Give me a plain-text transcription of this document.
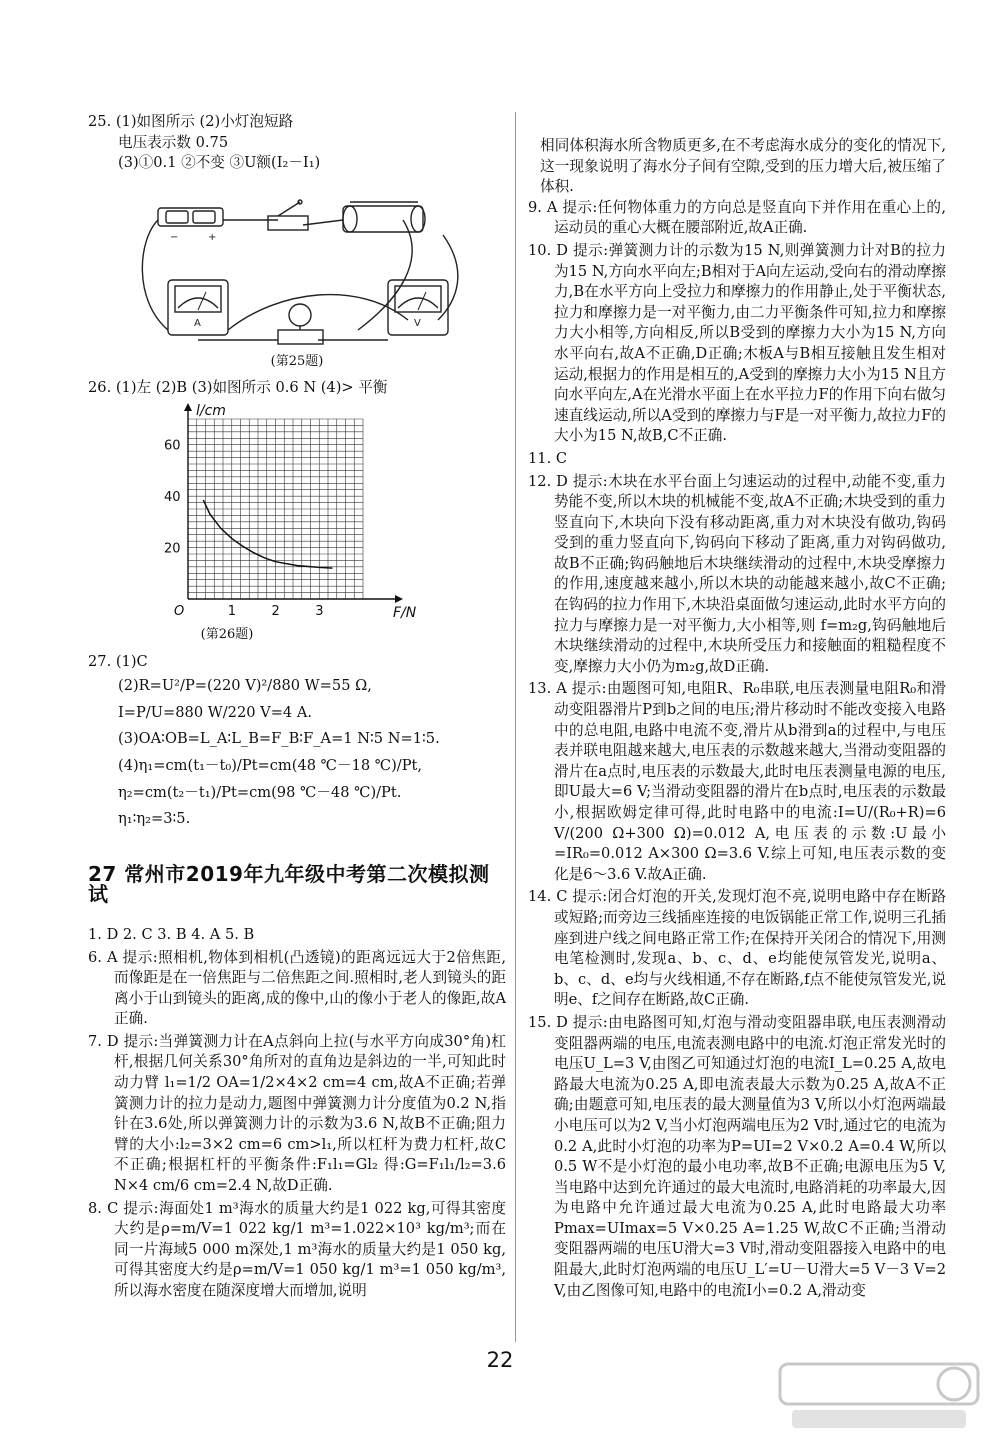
25. (1)如图所示 (2)小灯泡短路

电压表示数 0.75

(3)①0.1 ②不变 ③U额(I₂－I₁)

−	+
A	V

(第25题)

26. (1)左 (2)B (3)如图所示 0.6 N (4)> 平衡

1	2	3
20
40
60
O	F/N
l/cm

(第26题)

27. (1)C

(2)R=U²/P=(220 V)²/880 W=55 Ω,

I=P/U=880 W/220 V=4 A.

(3)OA∶OB=L_A∶L_B=F_B∶F_A=1 N∶5 N=1∶5.

(4)η₁=cm(t₁－t₀)/Pt=cm(48 ℃－18 ℃)/Pt,

η₂=cm(t₂－t₁)/Pt=cm(98 ℃－48 ℃)/Pt.

η₁∶η₂=3∶5.

27 常州市2019年九年级中考第二次模拟测试

1. D 2. C 3. B 4. A 5. B

6. A 提示:照相机,物体到相机(凸透镜)的距离远远大于2倍焦距,而像距是在一倍焦距与二倍焦距之间.照相时,老人到镜头的距离小于山到镜头的距离,成的像中,山的像小于老人的像距,故A正确.

7. D 提示:当弹簧测力计在A点斜向上拉(与水平方向成30°角)杠杆,根据几何关系30°角所对的直角边是斜边的一半,可知此时动力臂 l₁=1/2 OA=1/2×4×2 cm=4 cm,故A不正确;若弹簧测力计的拉力是动力,题图中弹簧测力计分度值为0.2 N,指针在3.6处,所以弹簧测力计的示数为3.6 N,故B不正确;阻力臂的大小:l₂=3×2 cm=6 cm>l₁,所以杠杆为费力杠杆,故C不正确;根据杠杆的平衡条件:F₁l₁=Gl₂ 得:G=F₁l₁/l₂=3.6 N×4 cm/6 cm=2.4 N,故D正确.

8. C 提示:海面处1 m³海水的质量大约是1 022 kg,可得其密度大约是ρ=m/V=1 022 kg/1 m³=1.022×10³ kg/m³;而在同一片海域5 000 m深处,1 m³海水的质量大约是1 050 kg,可得其密度大约是ρ=m/V=1 050 kg/1 m³=1 050 kg/m³,所以海水密度在随深度增大而增加,说明

相同体积海水所含物质更多,在不考虑海水成分的变化的情况下,这一现象说明了海水分子间有空隙,受到的压力增大后,被压缩了体积.

9. A 提示:任何物体重力的方向总是竖直向下并作用在重心上的,运动员的重心大概在腰部附近,故A正确.

10. D 提示:弹簧测力计的示数为15 N,则弹簧测力计对B的拉力为15 N,方向水平向左;B相对于A向左运动,受向右的滑动摩擦力,B在水平方向上受拉力和摩擦力的作用静止,处于平衡状态,拉力和摩擦力是一对平衡力,由二力平衡条件可知,拉力和摩擦力大小相等,方向相反,所以B受到的摩擦力大小为15 N,方向水平向右,故A不正确,D正确;木板A与B相互接触且发生相对运动,根据力的作用是相互的,A受到的摩擦力大小为15 N且方向水平向左,A在光滑水平面上在水平拉力F的作用下向右做匀速直线运动,所以A受到的摩擦力与F是一对平衡力,故拉力F的大小为15 N,故B,C不正确.

11. C

12. D 提示:木块在水平台面上匀速运动的过程中,动能不变,重力势能不变,所以木块的机械能不变,故A不正确;木块受到的重力竖直向下,木块向下没有移动距离,重力对木块没有做功,钩码受到的重力竖直向下,钩码向下移动了距离,重力对钩码做功,故B不正确;钩码触地后木块继续滑动的过程中,木块受摩擦力的作用,速度越来越小,所以木块的动能越来越小,故C不正确;在钩码的拉力作用下,木块沿桌面做匀速运动,此时水平方向的拉力与摩擦力是一对平衡力,大小相等,则 f=m₂g,钩码触地后木块继续滑动的过程中,木块所受压力和接触面的粗糙程度不变,摩擦力大小仍为m₂g,故D正确.

13. A 提示:由题图可知,电阻R、R₀串联,电压表测量电阻R₀和滑动变阻器滑片P到b之间的电压;滑片移动时不能改变接入电路中的总电阻,电路中电流不变,滑片从b滑到a的过程中,与电压表并联电阻越来越大,电压表的示数越来越大,当滑动变阻器的滑片在a点时,电压表的示数最大,此时电压表测量电源的电压,即U最大=6 V;当滑动变阻器的滑片在b点时,电压表的示数最小,根据欧姆定律可得,此时电路中的电流:I=U/(R₀+R)=6 V/(200 Ω+300 Ω)=0.012 A,电压表的示数:U最小=IR₀=0.012 A×300 Ω=3.6 V.综上可知,电压表示数的变化是6～3.6 V.故A正确.

14. C 提示:闭合灯泡的开关,发现灯泡不亮,说明电路中存在断路或短路;而旁边三线插座连接的电饭锅能正常工作,说明三孔插座到进户线之间电路正常工作;在保持开关闭合的情况下,用测电笔检测时,发现a、b、c、d、e均能使氖管发光,说明a、b、c、d、e均与火线相通,不存在断路,f点不能使氖管发光,说明e、f之间存在断路,故C正确.

15. D 提示:由电路图可知,灯泡与滑动变阻器串联,电压表测滑动变阻器两端的电压,电流表测电路中的电流.灯泡正常发光时的电压U_L=3 V,由图乙可知通过灯泡的电流I_L=0.25 A,故电路最大电流为0.25 A,即电流表最大示数为0.25 A,故A不正确;由题意可知,电压表的最大测量值为3 V,所以小灯泡两端最小电压可以为2 V,当小灯泡两端电压为2 V时,通过它的电流为0.2 A,此时小灯泡的功率为P=UI=2 V×0.2 A=0.4 W,所以0.5 W不是小灯泡的最小电功率,故B不正确;电源电压为5 V,当电路中达到允许通过的最大电流时,电路消耗的功率最大,因为电路中允许通过最大电流为0.25 A,此时电路最大功率Pmax=UImax=5 V×0.25 A=1.25 W,故C不正确;当滑动变阻器两端的电压U滑大=3 V时,滑动变阻器接入电路中的电阻最大,此时灯泡两端的电压U_L′=U－U滑大=5 V－3 V=2 V,由乙图像可知,电路中的电流I小=0.2 A,滑动变

22
